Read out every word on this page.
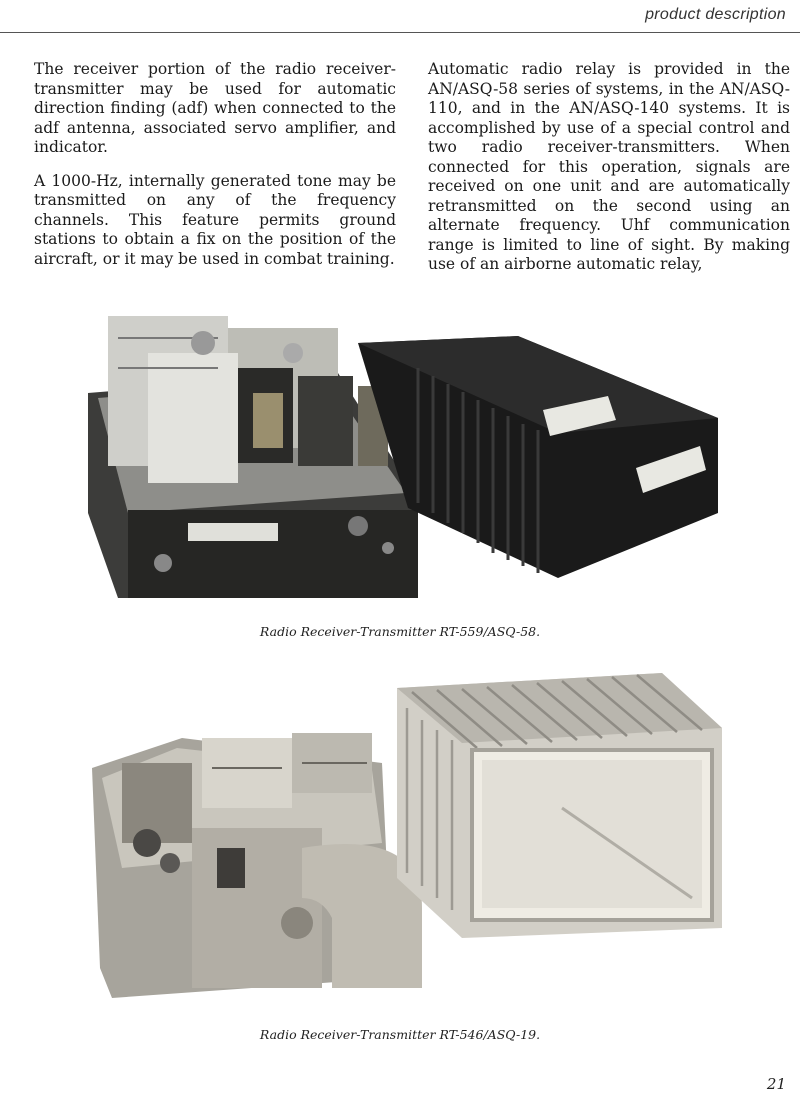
product description

The receiver portion of the radio receiver-transmitter may be used for automatic direction finding (adf) when connected to the adf antenna, associated servo amplifier, and indicator.

A 1000-Hz, internally generated tone may be transmitted on any of the frequency channels. This feature permits ground stations to obtain a fix on the position of the aircraft, or it may be used in combat training.

Automatic radio relay is provided in the AN/ASQ-58 series of systems, in the AN/ASQ-110, and in the AN/ASQ-140 systems. It is accomplished by use of a special control and two radio receiver-transmitters. When connected for this operation, signals are received on one unit and are automatically retransmitted on the second using an alternate frequency. Uhf communication range is limited to line of sight. By making use of an airborne automatic relay,

Radio Receiver-Transmitter RT-559/ASQ-58.
Radio Receiver-Transmitter RT-546/ASQ-19.
21
